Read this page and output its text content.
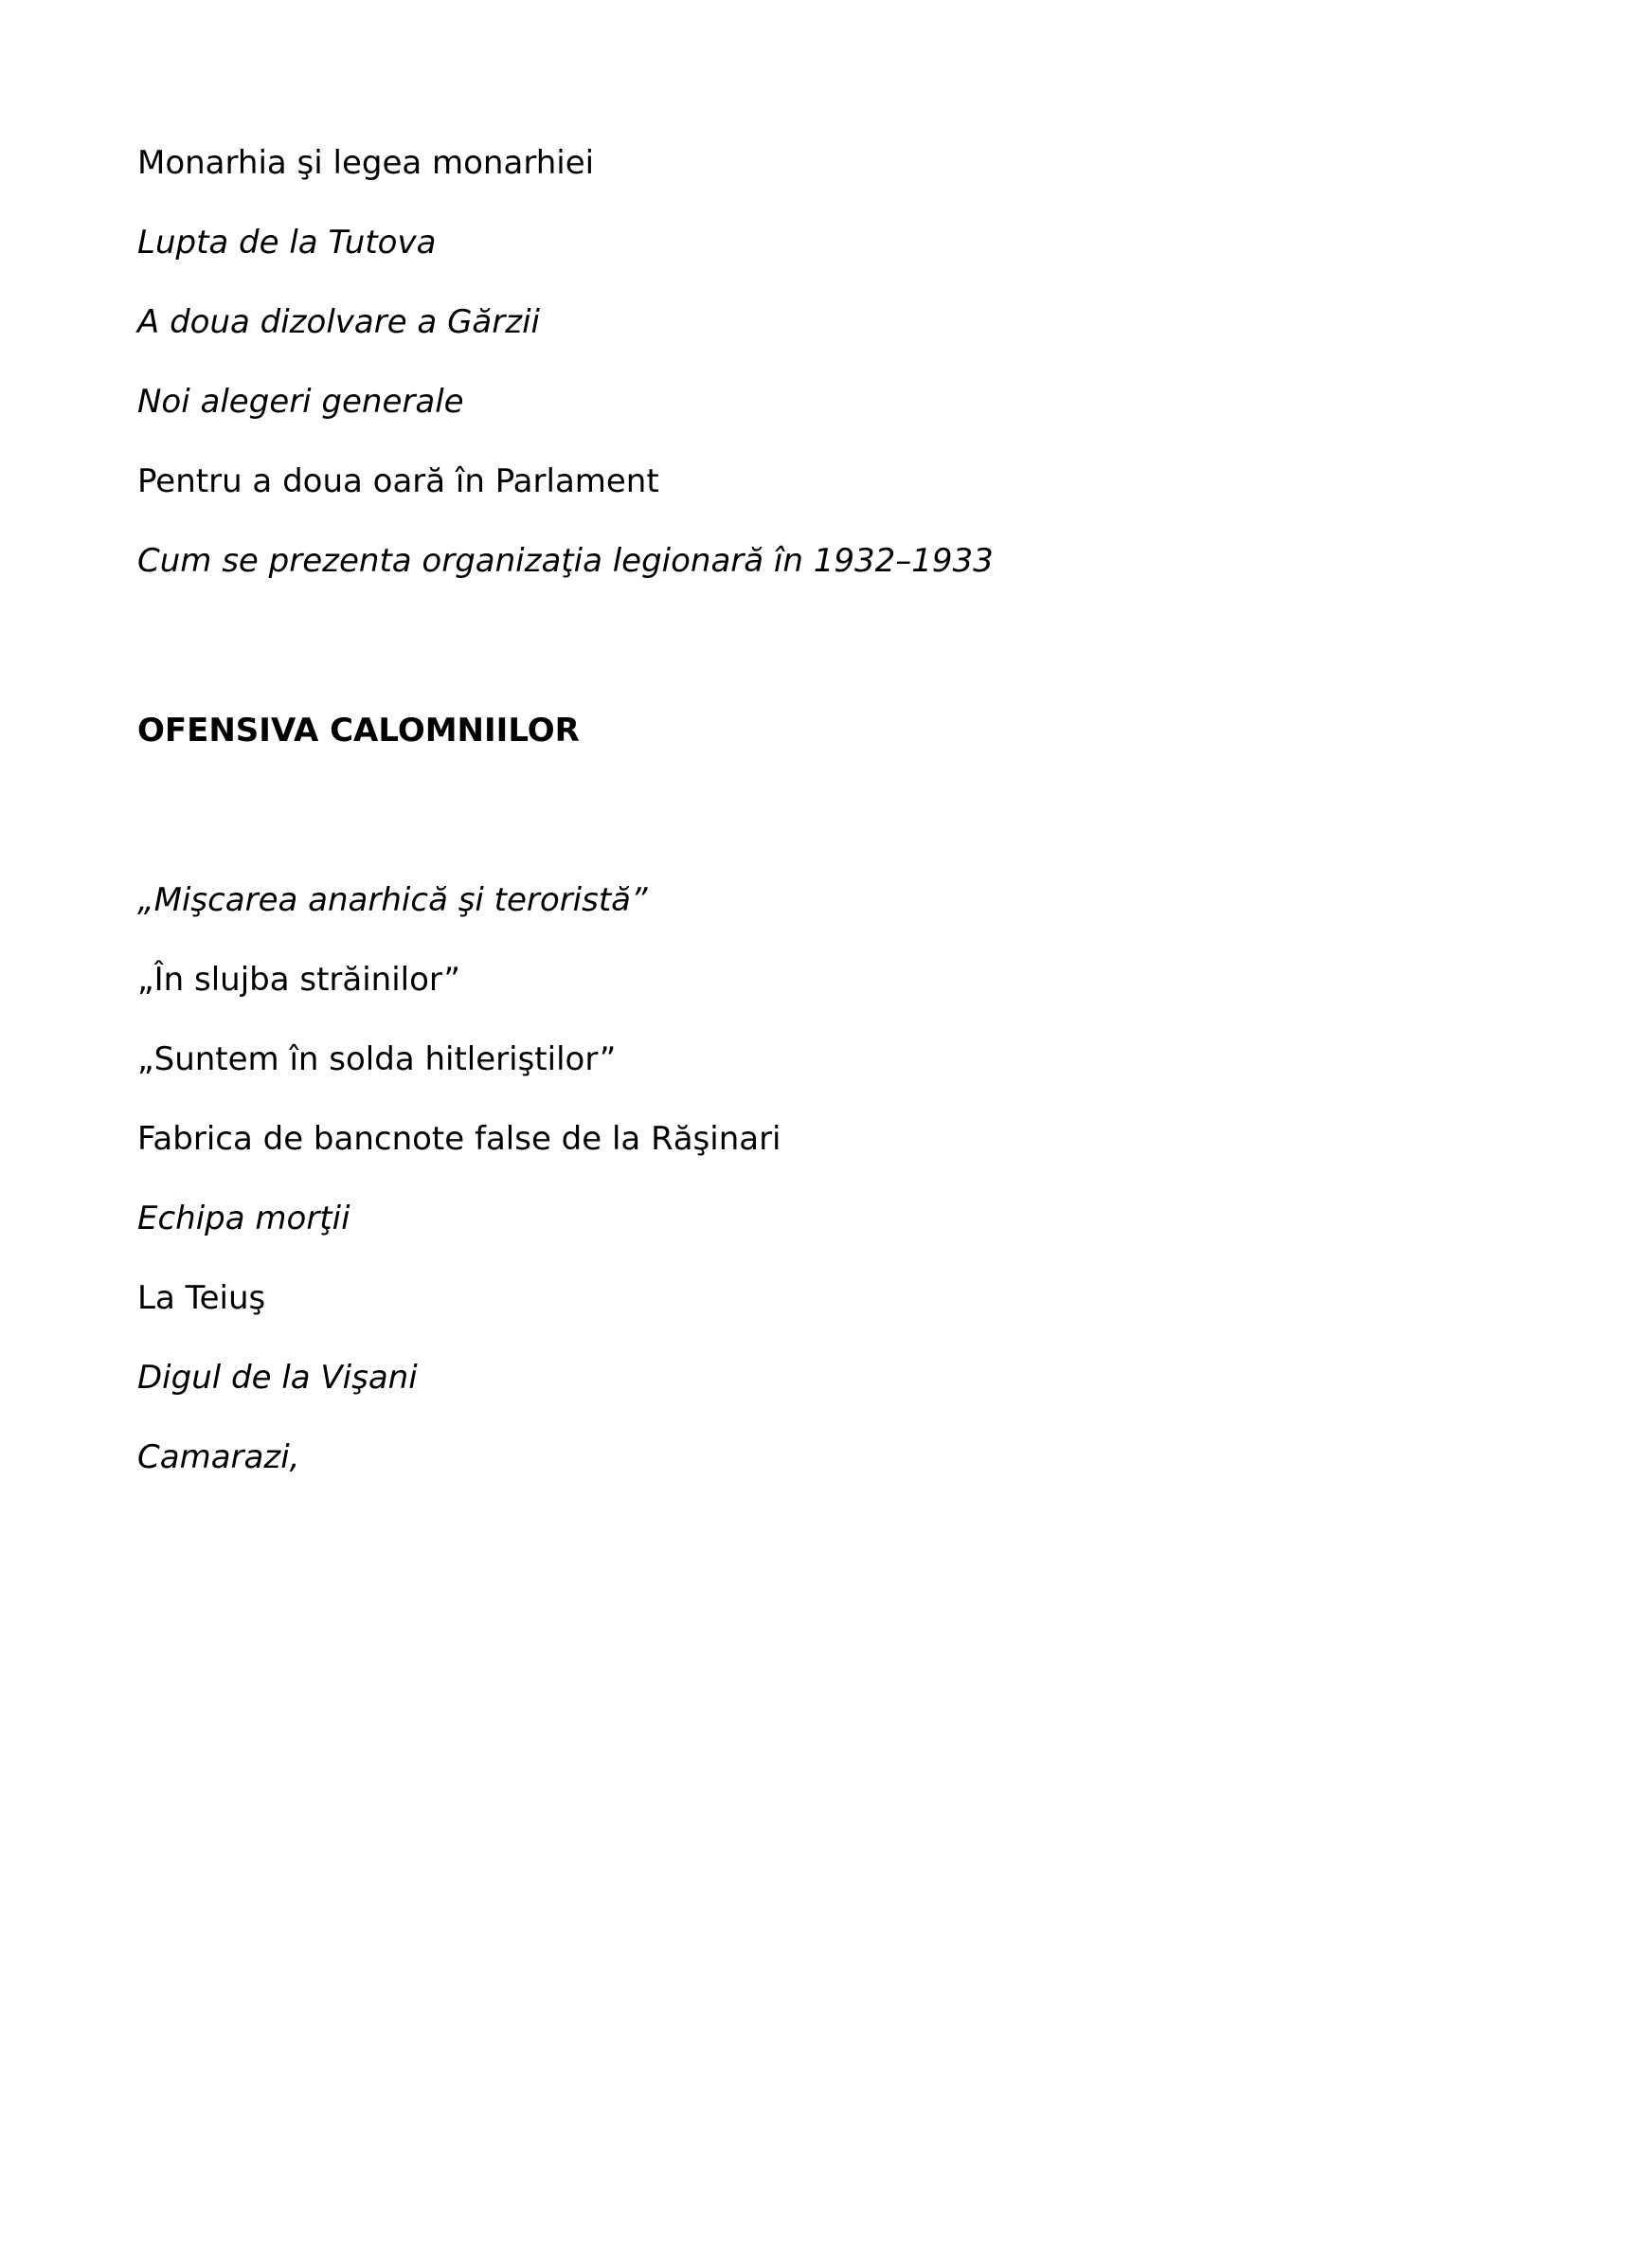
Monarhia şi legea monarhiei
Lupta de la Tutova
A doua dizolvare a Gărzii
Noi alegeri generale
Pentru a doua oară în Parlament
Cum se prezenta organizaţia legionară în 1932–1933
OFENSIVA CALOMNIILOR
„Mişcarea anarhică şi teroristă”
„În slujba străinilor”
„Suntem în solda hitleriştilor”
Fabrica de bancnote false de la Răşinari
Echipa morţii
La Teiuş
Digul de la Vişani
Camarazi,
